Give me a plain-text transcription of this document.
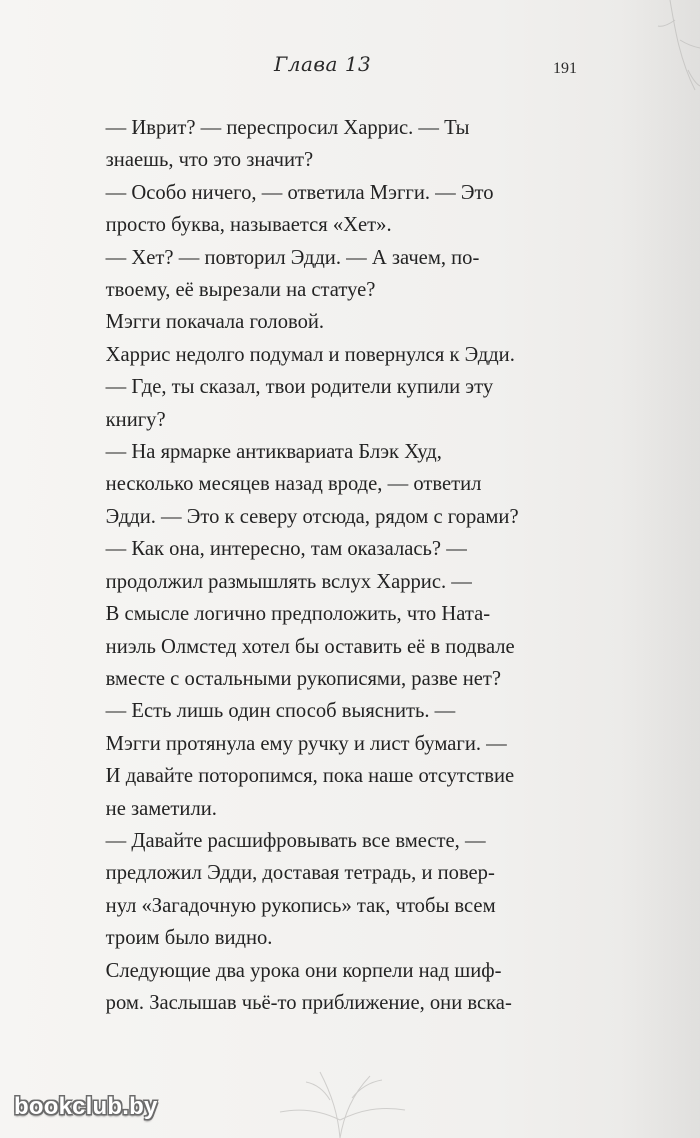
Глава 13	191

— Иврит? — переспросил Харрис. — Ты
знаешь, что это значит?

— Особо ничего, — ответила Мэгги. — Это
просто буква, называется «Хет».

— Хет? — повторил Эдди. — А зачем, по-
твоему, её вырезали на статуе?

Мэгги покачала головой.

Харрис недолго подумал и повернулся к Эдди.

— Где, ты сказал, твои родители купили эту
книгу?

— На ярмарке антиквариата Блэк Худ,
несколько месяцев назад вроде, — ответил
Эдди. — Это к северу отсюда, рядом с горами?

— Как она, интересно, там оказалась? —
продолжил размышлять вслух Харрис. —
В смысле логично предположить, что Ната-
ниэль Олмстед хотел бы оставить её в подвале
вместе с остальными рукописями, разве нет?

— Есть лишь один способ выяснить. —
Мэгги протянула ему ручку и лист бумаги. —
И давайте поторопимся, пока наше отсутствие
не заметили.

— Давайте расшифровывать все вместе, —
предложил Эдди, доставая тетрадь, и повер-
нул «Загадочную рукопись» так, чтобы всем
троим было видно.

Следующие два урока они корпели над шиф-
ром. Заслышав чьё-то приближение, они вска-

bookclub.by
